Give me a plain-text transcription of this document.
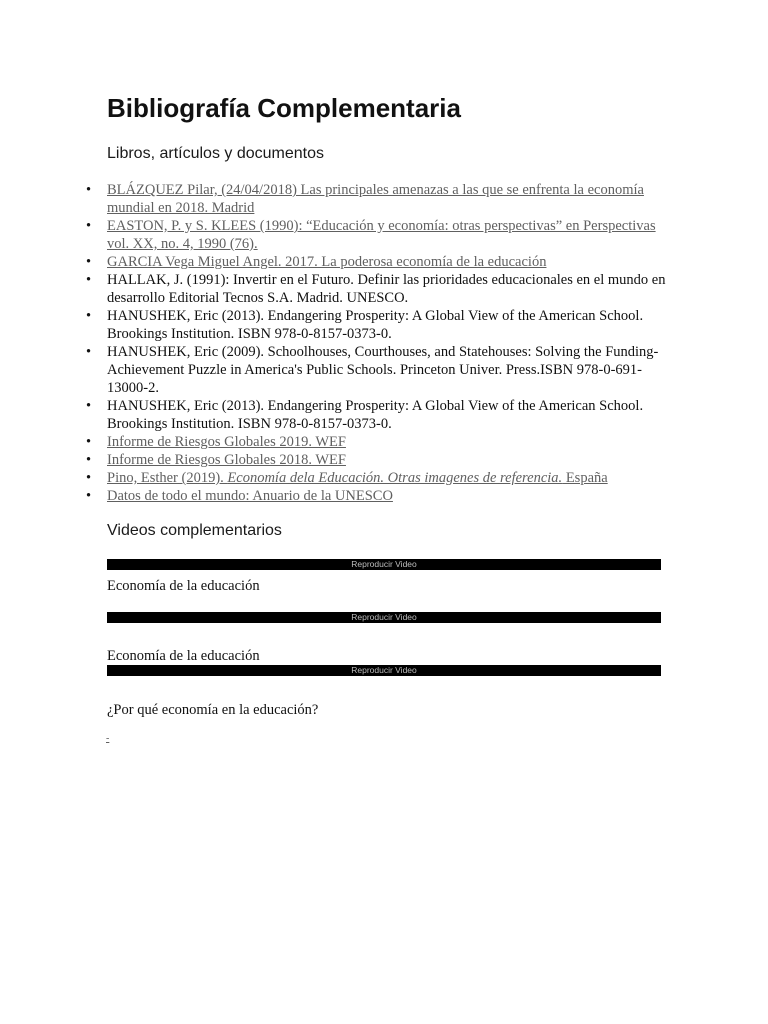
Bibliografía Complementaria
Libros, artículos y documentos
• BLÁZQUEZ Pilar, (24/04/2018) Las principales amenazas a las que se enfrenta la economía mundial en 2018. Madrid
• EASTON, P. y S. KLEES (1990): “Educación y economía: otras perspectivas” en Perspectivas vol. XX, no. 4, 1990 (76).
• GARCIA Vega Miguel Angel. 2017. La poderosa economía de la educación
• HALLAK, J. (1991): Invertir en el Futuro. Definir las prioridades educacionales en el mundo en desarrollo Editorial Tecnos S.A. Madrid. UNESCO.
• HANUSHEK, Eric (2013). Endangering Prosperity: A Global View of the American School. Brookings Institution. ISBN 978-0-8157-0373-0.
• HANUSHEK, Eric (2009). Schoolhouses, Courthouses, and Statehouses: Solving the Funding-Achievement Puzzle in America's Public Schools. Princeton Univer. Press.ISBN 978-0-691-13000-2.
• HANUSHEK, Eric (2013). Endangering Prosperity: A Global View of the American School. Brookings Institution. ISBN 978-0-8157-0373-0.
• Informe de Riesgos Globales 2019. WEF
• Informe de Riesgos Globales 2018. WEF
• Pino, Esther (2019). Economía dela Educación. Otras imagenes de referencia. España
• Datos de todo el mundo: Anuario de la UNESCO
Videos complementarios
Reproducir Video

Economía de la educación

Reproducir Video

Economía de la educación

Reproducir Video

¿Por qué economía en la educación?

-
